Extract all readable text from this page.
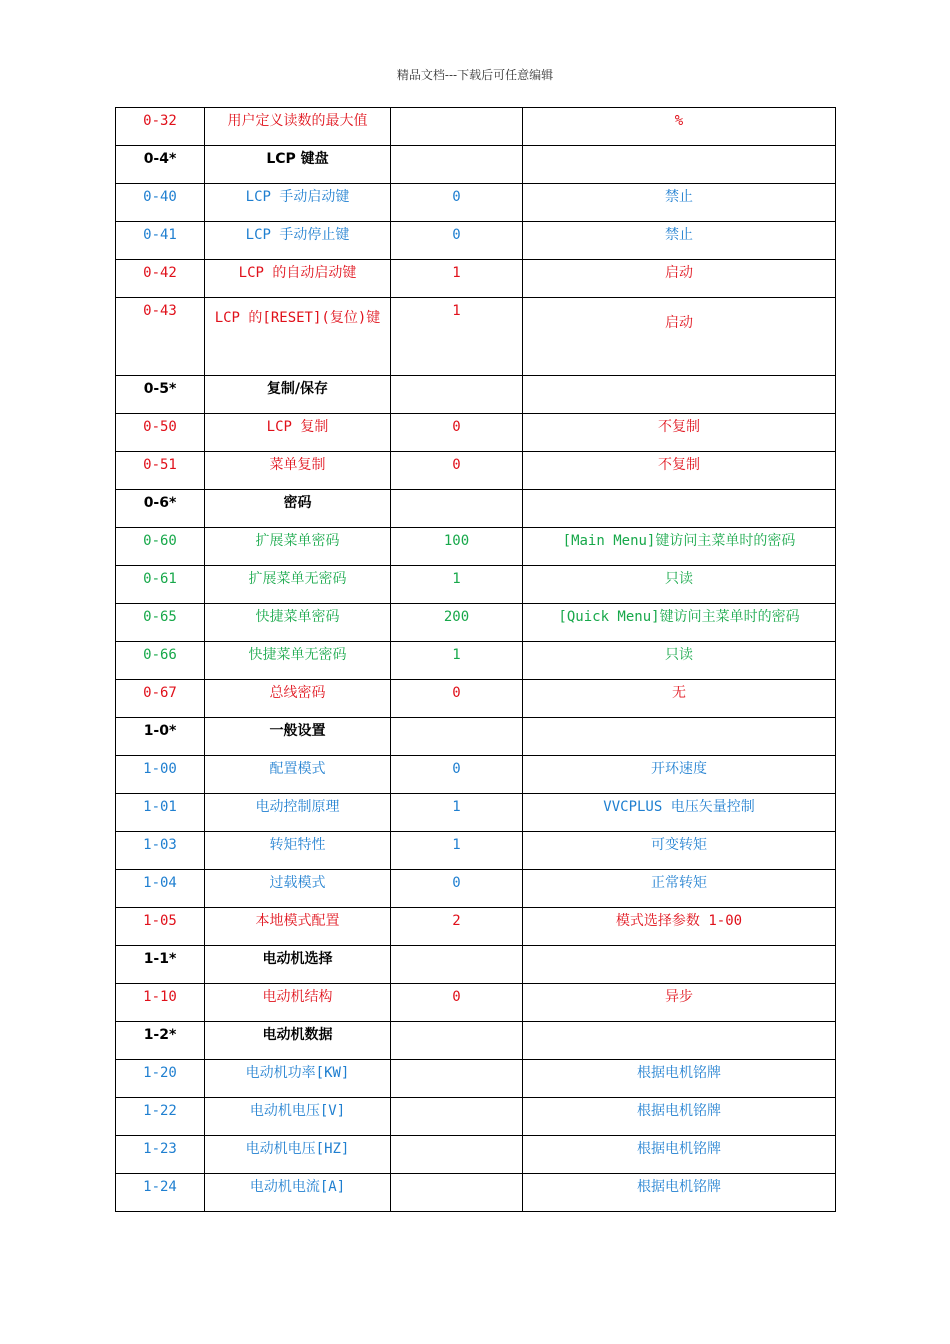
精品文档---下载后可任意编辑
0-32	用户定义读数的最大值		%

0-4*	LCP 键盘		

0-40	LCP 手动启动键	0	禁止

0-41	LCP 手动停止键	0	禁止

0-42	LCP 的自动启动键	1	启动

0-43	LCP 的[RESET](复位)键	1	启动

0-5*	复制/保存		

0-50	LCP 复制	0	不复制

0-51	菜单复制	0	不复制

0-6*	密码		

0-60	扩展菜单密码	100	[Main Menu]键访问主菜单时的密码

0-61	扩展菜单无密码	1	只读

0-65	快捷菜单密码	200	[Quick Menu]键访问主菜单时的密码

0-66	快捷菜单无密码	1	只读

0-67	总线密码	0	无

1-0*	一般设置		

1-00	配置模式	0	开环速度

1-01	电动控制原理	1	VVCPLUS 电压矢量控制

1-03	转矩特性	1	可变转矩

1-04	过载模式	0	正常转矩

1-05	本地模式配置	2	模式选择参数 1-00

1-1*	电动机选择		

1-10	电动机结构	0	异步

1-2*	电动机数据		

1-20	电动机功率[KW]		根据电机铭牌

1-22	电动机电压[V]		根据电机铭牌

1-23	电动机电压[HZ]		根据电机铭牌

1-24	电动机电流[A]		根据电机铭牌
